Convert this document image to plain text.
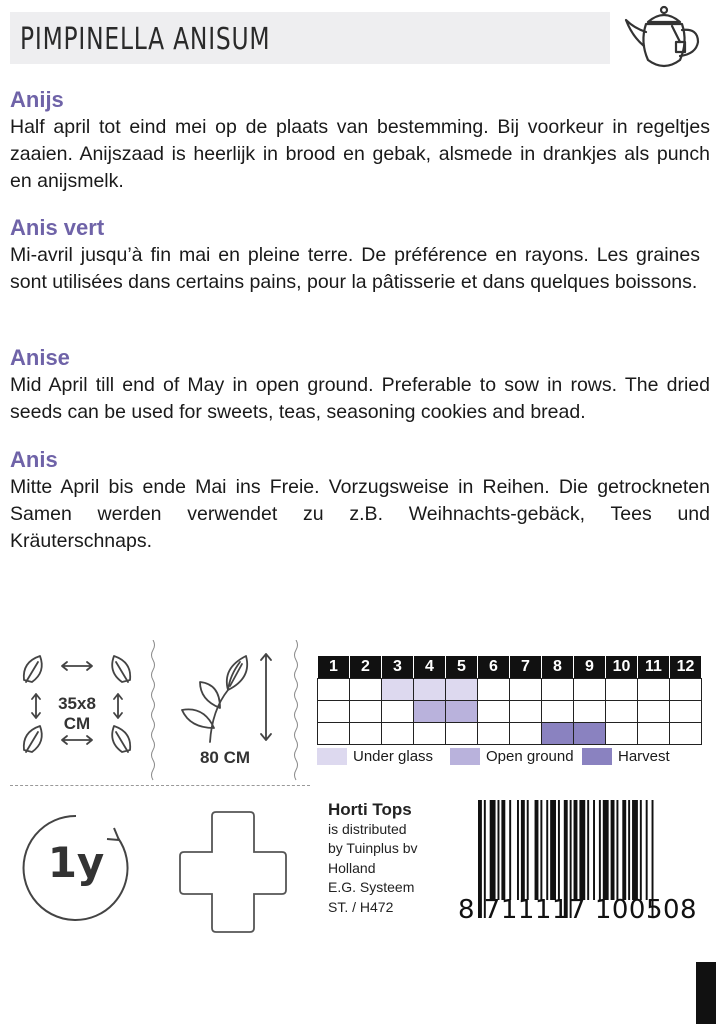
PIMPINELLA ANISUM
Anijs

Half april tot eind mei op de plaats van bestemming. Bij voorkeur in regeltjes zaaien. Anijszaad is heerlijk in brood en gebak, alsmede in drankjes als punch en anijsmelk.

Anis vert

Mi-avril jusqu’à fin mai en pleine terre. De préférence en rayons. Les graines sont utilisées dans certains pains, pour la pâtisserie et dans quelques boissons.

Anise

Mid April till end of May in open ground. Preferable to sow in rows. The dried seeds can be used for sweets, teas, seasoning cookies and bread.

Anis

Mitte April bis ende Mai ins Freie. Vorzugsweise in Reihen. Die getrockneten Samen werden verwendet zu z.B. Weihnachts-gebäck, Tees und Kräuterschnaps.

35x8
CM
80 CM
1y
1	2	3	4	5	6	7	8	9	10	11	12

Under glass	Open ground	Harvest
Horti Tops
is distributed
by Tuinplus bv
Holland
E.G. Systeem
ST. / H472	8 711117 100508
